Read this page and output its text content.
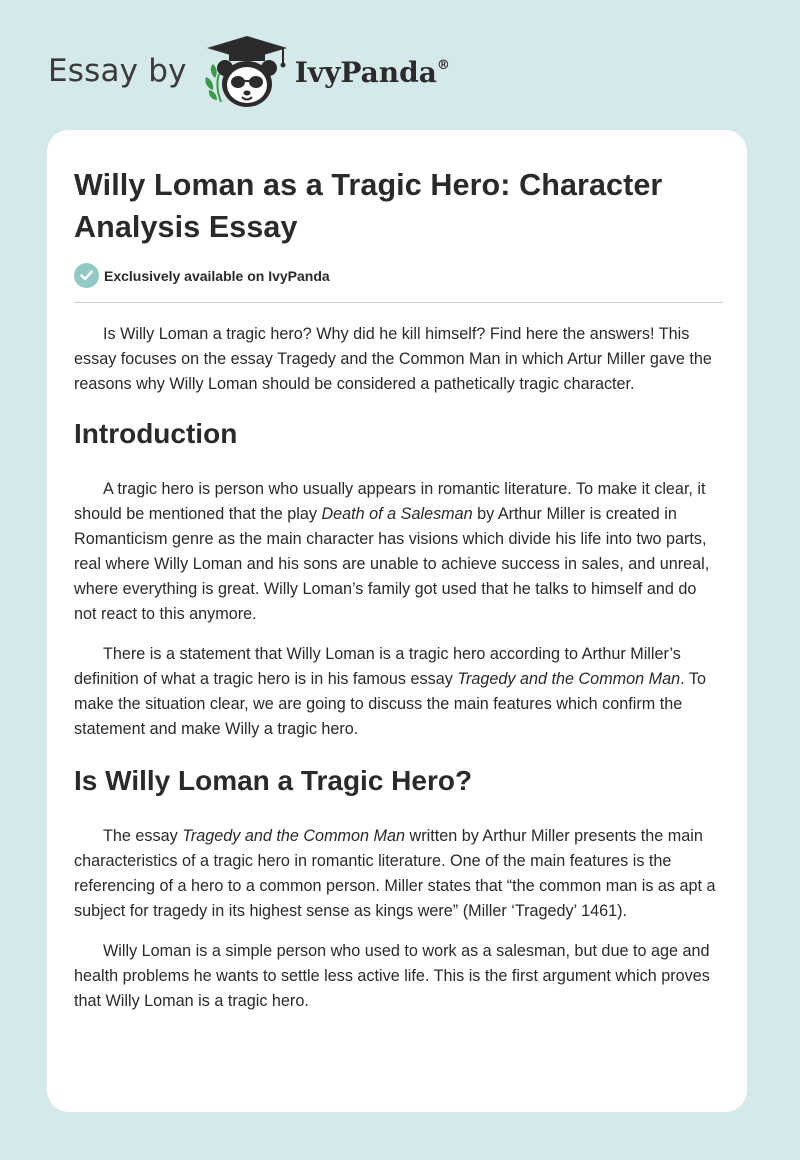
Essay by	IvyPanda®
Willy Loman as a Tragic Hero: Character Analysis Essay
Exclusively available on IvyPanda

Is Willy Loman a tragic hero? Why did he kill himself? Find here the answers! This essay focuses on the essay Tragedy and the Common Man in which Artur Miller gave the reasons why Willy Loman should be considered a pathetically tragic character.

Introduction

A tragic hero is person who usually appears in romantic literature. To make it clear, it should be mentioned that the play Death of a Salesman by Arthur Miller is created in Romanticism genre as the main character has visions which divide his life into two parts, real where Willy Loman and his sons are unable to achieve success in sales, and unreal, where everything is great. Willy Loman’s family got used that he talks to himself and do not react to this anymore.

There is a statement that Willy Loman is a tragic hero according to Arthur Miller’s definition of what a tragic hero is in his famous essay Tragedy and the Common Man. To make the situation clear, we are going to discuss the main features which confirm the statement and make Willy a tragic hero.

Is Willy Loman a Tragic Hero?

The essay Tragedy and the Common Man written by Arthur Miller presents the main characteristics of a tragic hero in romantic literature. One of the main features is the referencing of a hero to a common person. Miller states that “the common man is as apt a subject for tragedy in its highest sense as kings were” (Miller ‘Tragedy’ 1461).

Willy Loman is a simple person who used to work as a salesman, but due to age and health problems he wants to settle less active life. This is the first argument which proves that Willy Loman is a tragic hero.
